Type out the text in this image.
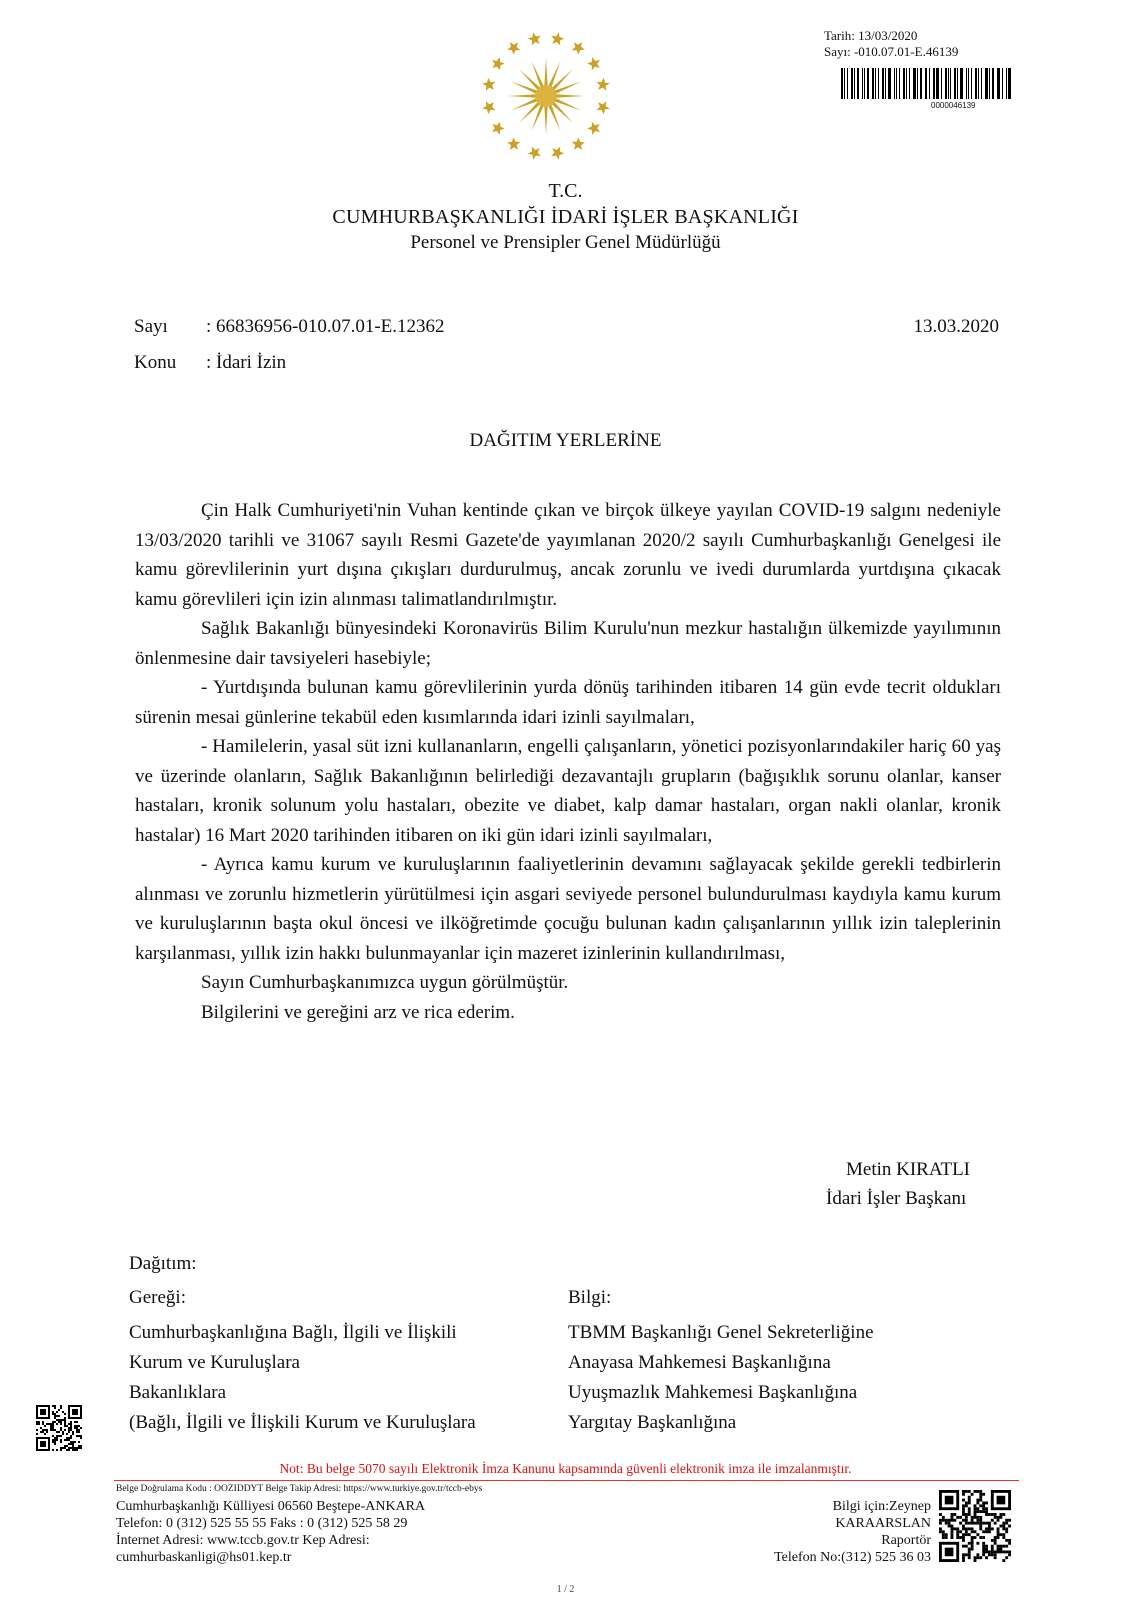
Tarih: 13/03/2020
Sayı: -010.07.01-E.46139
0000046139
T.C.
CUMHURBAŞKANLIĞI İDARİ İŞLER BAŞKANLIĞI
Personel ve Prensipler Genel Müdürlüğü
Sayı : 66836956-010.07.01-E.12362	13.03.2020
Konu : İdari İzin
DAĞITIM YERLERİNE

Çin Halk Cumhuriyeti'nin Vuhan kentinde çıkan ve birçok ülkeye yayılan COVID-19 salgını nedeniyle 13/03/2020 tarihli ve 31067 sayılı Resmi Gazete'de yayımlanan 2020/2 sayılı Cumhurbaşkanlığı Genelgesi ile kamu görevlilerinin yurt dışına çıkışları durdurulmuş, ancak zorunlu ve ivedi durumlarda yurtdışına çıkacak kamu görevlileri için izin alınması talimatlandırılmıştır.

Sağlık Bakanlığı bünyesindeki Koronavirüs Bilim Kurulu'nun mezkur hastalığın ülkemizde yayılımının önlenmesine dair tavsiyeleri hasebiyle;

- Yurtdışında bulunan kamu görevlilerinin yurda dönüş tarihinden itibaren 14 gün evde tecrit oldukları sürenin mesai günlerine tekabül eden kısımlarında idari izinli sayılmaları,

- Hamilelerin, yasal süt izni kullananların, engelli çalışanların, yönetici pozisyonlarındakiler hariç 60 yaş ve üzerinde olanların, Sağlık Bakanlığının belirlediği dezavantajlı grupların (bağışıklık sorunu olanlar, kanser hastaları, kronik solunum yolu hastaları, obezite ve diabet, kalp damar hastaları, organ nakli olanlar, kronik hastalar) 16 Mart 2020 tarihinden itibaren on iki gün idari izinli sayılmaları,

- Ayrıca kamu kurum ve kuruluşlarının faaliyetlerinin devamını sağlayacak şekilde gerekli tedbirlerin alınması ve zorunlu hizmetlerin yürütülmesi için asgari seviyede personel bulundurulması kaydıyla kamu kurum ve kuruluşlarının başta okul öncesi ve ilköğretimde çocuğu bulunan kadın çalışanlarının yıllık izin taleplerinin karşılanması, yıllık izin hakkı bulunmayanlar için mazeret izinlerinin kullandırılması,

Sayın Cumhurbaşkanımızca uygun görülmüştür.

Bilgilerini ve gereğini arz ve rica ederim.

Metin KIRATLI
İdari İşler Başkanı
Dağıtım:
Gereği:	Bilgi:
Cumhurbaşkanlığına Bağlı, İlgili ve İlişkili
Kurum ve Kuruluşlara
Bakanlıklara
(Bağlı, İlgili ve İlişkili Kurum ve Kuruluşlara
TBMM Başkanlığı Genel Sekreterliğine
Anayasa Mahkemesi Başkanlığına
Uyuşmazlık Mahkemesi Başkanlığına
Yargıtay Başkanlığına
Not: Bu belge 5070 sayılı Elektronik İmza Kanunu kapsamında güvenli elektronik imza ile imzalanmıştır.
Belge Doğrulama Kodu : OOZIDDYT Belge Takip Adresi: https://www.turkiye.gov.tr/tccb-ebys
Cumhurbaşkanlığı Külliyesi 06560 Beştepe-ANKARA
Telefon: 0 (312) 525 55 55 Faks : 0 (312) 525 58 29
İnternet Adresi: www.tccb.gov.tr Kep Adresi:
cumhurbaskanligi@hs01.kep.tr
Bilgi için:Zeynep
KARAARSLAN
Raportör
Telefon No:(312) 525 36 03
1 / 2
